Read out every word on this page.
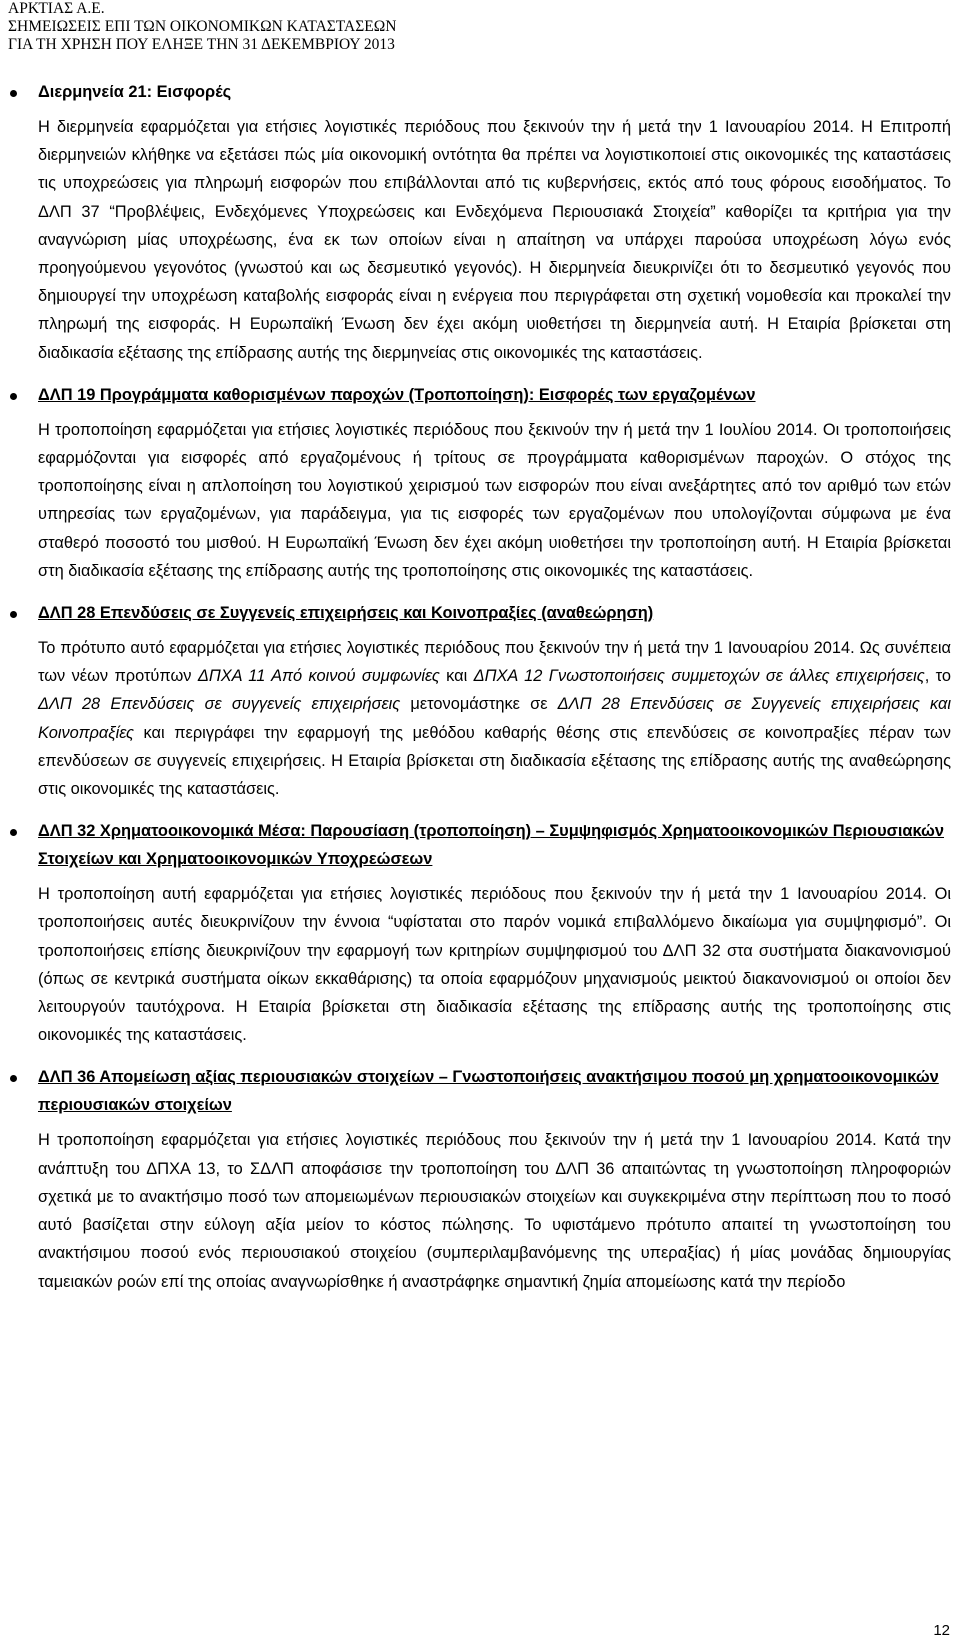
ΑΡΚΤΙΑΣ Α.Ε.
ΣΗΜΕΙΩΣΕΙΣ ΕΠΙ ΤΩΝ ΟΙΚΟΝΟΜΙΚΩΝ ΚΑΤΑΣΤΑΣΕΩΝ
ΓΙΑ ΤΗ ΧΡΗΣΗ ΠΟΥ ΕΛΗΞΕ ΤΗΝ 31 ΔΕΚΕΜΒΡΙΟΥ 2013

Διερμηνεία 21: Εισφορές

Η διερμηνεία εφαρμόζεται για ετήσιες λογιστικές περιόδους που ξεκινούν την ή μετά την 1 Ιανουαρίου 2014. Η Επιτροπή διερμηνειών κλήθηκε να εξετάσει πώς μία οικονομική οντότητα θα πρέπει να λογιστικοποιεί στις οικονομικές της καταστάσεις τις υποχρεώσεις για πληρωμή εισφορών που επιβάλλονται από τις κυβερνήσεις, εκτός από τους φόρους εισοδήματος. Το ΔΛΠ 37 “Προβλέψεις, Ενδεχόμενες Υποχρεώσεις και Ενδεχόμενα Περιουσιακά Στοιχεία” καθορίζει τα κριτήρια για την αναγνώριση μίας υποχρέωσης, ένα εκ των οποίων είναι η απαίτηση να υπάρχει παρούσα υποχρέωση λόγω ενός προηγούμενου γεγονότος (γνωστού και ως δεσμευτικό γεγονός). Η διερμηνεία διευκρινίζει ότι το δεσμευτικό γεγονός που δημιουργεί την υποχρέωση καταβολής εισφοράς είναι η ενέργεια που περιγράφεται στη σχετική νομοθεσία και προκαλεί την πληρωμή της εισφοράς. Η Ευρωπαϊκή Ένωση δεν έχει ακόμη υιοθετήσει τη διερμηνεία αυτή. Η Εταιρία βρίσκεται στη διαδικασία εξέτασης της επίδρασης αυτής της διερμηνείας στις οικονομικές της καταστάσεις.

ΔΛΠ 19 Προγράμματα καθορισμένων παροχών (Τροποποίηση): Εισφορές των εργαζομένων

Η τροποποίηση εφαρμόζεται για ετήσιες λογιστικές περιόδους που ξεκινούν την ή μετά την 1 Ιουλίου 2014. Οι τροποποιήσεις εφαρμόζονται για εισφορές από εργαζομένους ή τρίτους σε προγράμματα καθορισμένων παροχών. Ο στόχος της τροποποίησης είναι η απλοποίηση του λογιστικού χειρισμού των εισφορών που είναι ανεξάρτητες από τον αριθμό των ετών υπηρεσίας των εργαζομένων, για παράδειγμα, για τις εισφορές των εργαζομένων που υπολογίζονται σύμφωνα με ένα σταθερό ποσοστό του μισθού. Η Ευρωπαϊκή Ένωση δεν έχει ακόμη υιοθετήσει την τροποποίηση αυτή. Η Εταιρία βρίσκεται στη διαδικασία εξέτασης της επίδρασης αυτής της τροποποίησης στις οικονομικές της καταστάσεις.

ΔΛΠ 28 Επενδύσεις σε Συγγενείς επιχειρήσεις και Κοινοπραξίες (αναθεώρηση)

Το πρότυπο αυτό εφαρμόζεται για ετήσιες λογιστικές περιόδους που ξεκινούν την ή μετά την 1 Ιανουαρίου 2014. Ως συνέπεια των νέων προτύπων ΔΠΧΑ 11 Από κοινού συμφωνίες και ΔΠΧΑ 12 Γνωστοποιήσεις συμμετοχών σε άλλες επιχειρήσεις, το ΔΛΠ 28 Επενδύσεις σε συγγενείς επιχειρήσεις μετονομάστηκε σε ΔΛΠ 28 Επενδύσεις σε Συγγενείς επιχειρήσεις και Κοινοπραξίες και περιγράφει την εφαρμογή της μεθόδου καθαρής θέσης στις επενδύσεις σε κοινοπραξίες πέραν των επενδύσεων σε συγγενείς επιχειρήσεις. Η Εταιρία βρίσκεται στη διαδικασία εξέτασης της επίδρασης αυτής της αναθεώρησης στις οικονομικές της καταστάσεις.

ΔΛΠ 32 Χρηματοοικονομικά Μέσα: Παρουσίαση (τροποποίηση) – Συμψηφισμός Χρηματοοικονομικών Περιουσιακών Στοιχείων και Χρηματοοικονομικών Υποχρεώσεων

Η τροποποίηση αυτή εφαρμόζεται για ετήσιες λογιστικές περιόδους που ξεκινούν την ή μετά την 1 Ιανουαρίου 2014. Οι τροποποιήσεις αυτές διευκρινίζουν την έννοια “υφίσταται στο παρόν νομικά επιβαλλόμενο δικαίωμα για συμψηφισμό”. Οι τροποποιήσεις επίσης διευκρινίζουν την εφαρμογή των κριτηρίων συμψηφισμού του ΔΛΠ 32 στα συστήματα διακανονισμού (όπως σε κεντρικά συστήματα οίκων εκκαθάρισης) τα οποία εφαρμόζουν μηχανισμούς μεικτού διακανονισμού οι οποίοι δεν λειτουργούν ταυτόχρονα. Η Εταιρία βρίσκεται στη διαδικασία εξέτασης της επίδρασης αυτής της τροποποίησης στις οικονομικές της καταστάσεις.

ΔΛΠ 36 Απομείωση αξίας περιουσιακών στοιχείων – Γνωστοποιήσεις ανακτήσιμου ποσού μη χρηματοοικονομικών περιουσιακών στοιχείων

Η τροποποίηση εφαρμόζεται για ετήσιες λογιστικές περιόδους που ξεκινούν την ή μετά την 1 Ιανουαρίου 2014. Κατά την ανάπτυξη του ΔΠΧΑ 13, το ΣΔΛΠ αποφάσισε την τροποποίηση του ΔΛΠ 36 απαιτώντας τη γνωστοποίηση πληροφοριών σχετικά με το ανακτήσιμο ποσό των απομειωμένων περιουσιακών στοιχείων και συγκεκριμένα στην περίπτωση που το ποσό αυτό βασίζεται στην εύλογη αξία μείον το κόστος πώλησης. Το υφιστάμενο πρότυπο απαιτεί τη γνωστοποίηση του ανακτήσιμου ποσού ενός περιουσιακού στοιχείου (συμπεριλαμβανόμενης της υπεραξίας) ή μίας μονάδας δημιουργίας ταμειακών ροών επί της οποίας αναγνωρίσθηκε ή αναστράφηκε σημαντική ζημία απομείωσης κατά την περίοδο

12
